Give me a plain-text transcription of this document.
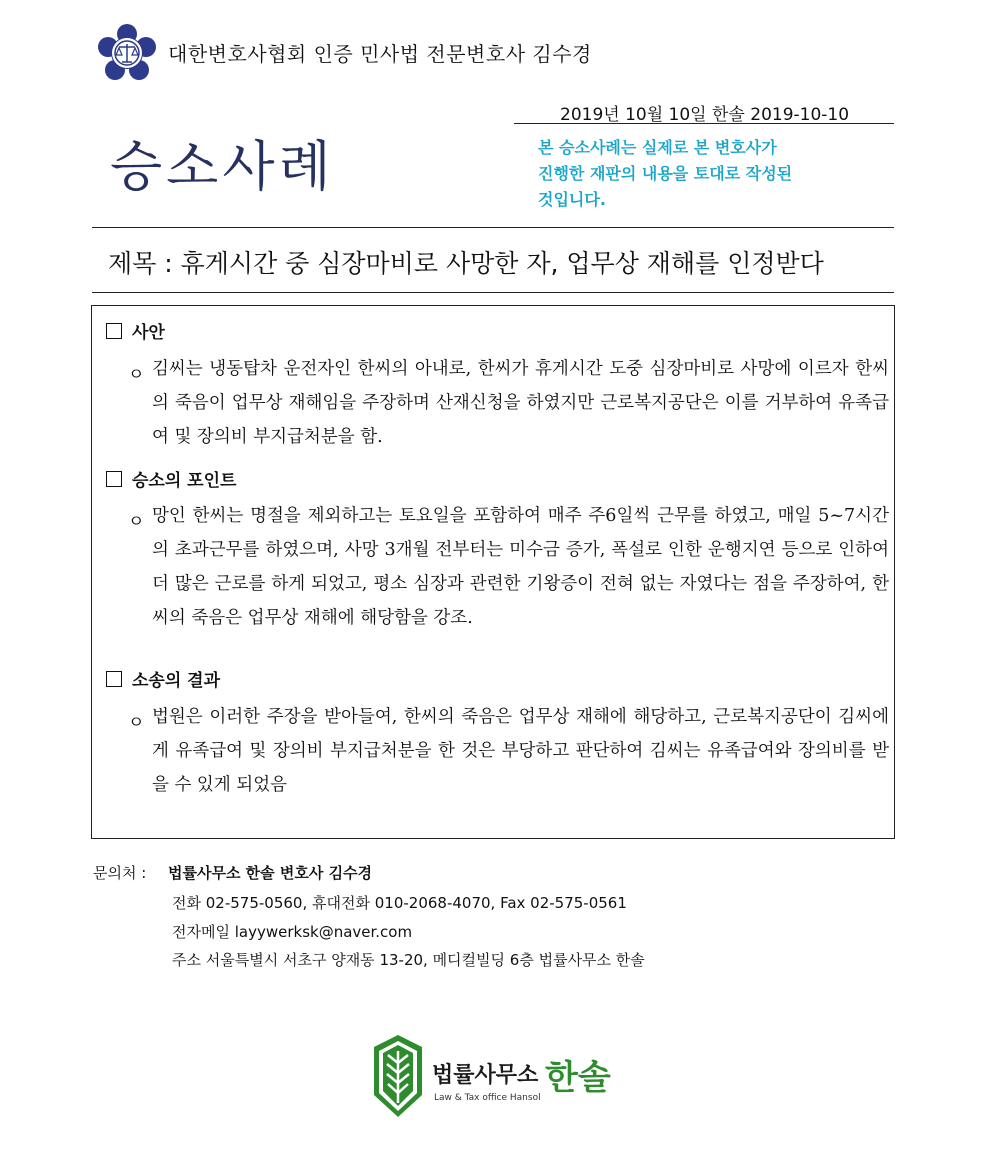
대한변호사협회 인증 민사법 전문변호사 김수경
2019년 10월 10일 한솔 2019-10-10
승소사례	본 승소사례는 실제로 본 변호사가
진행한 재판의 내용을 토대로 작성된
것입니다.
제목 : 휴게시간 중 심장마비로 사망한 자, 업무상 재해를 인정받다
사안
ㅇ 김씨는 냉동탑차 운전자인 한씨의 아내로, 한씨가 휴게시간 도중 심장마비로 사망에 이르자 한씨의 죽음이 업무상 재해임을 주장하며 산재신청을 하였지만 근로복지공단은 이를 거부하여 유족급여 및 장의비 부지급처분을 함.
승소의 포인트
ㅇ 망인 한씨는 명절을 제외하고는 토요일을 포함하여 매주 주6일씩 근무를 하였고, 매일 5~7시간의 초과근무를 하였으며, 사망 3개월 전부터는 미수금 증가, 폭설로 인한 운행지연 등으로 인하여 더 많은 근로를 하게 되었고, 평소 심장과 관련한 기왕증이 전혀 없는 자였다는 점을 주장하여, 한씨의 죽음은 업무상 재해에 해당함을 강조.
소송의 결과
ㅇ 법원은 이러한 주장을 받아들여, 한씨의 죽음은 업무상 재해에 해당하고, 근로복지공단이 김씨에게 유족급여 및 장의비 부지급처분을 한 것은 부당하고 판단하여 김씨는 유족급여와 장의비를 받을 수 있게 되었음
문의처 : 법률사무소 한솔 변호사 김수경
전화 02-575-0560, 휴대전화 010-2068-4070, Fax 02-575-0561
전자메일 layywerksk@naver.com
주소 서울특별시 서초구 양재동 13-20, 메디컬빌딩 6층 법률사무소 한솔
법률사무소 한솔
Law & Tax office Hansol
